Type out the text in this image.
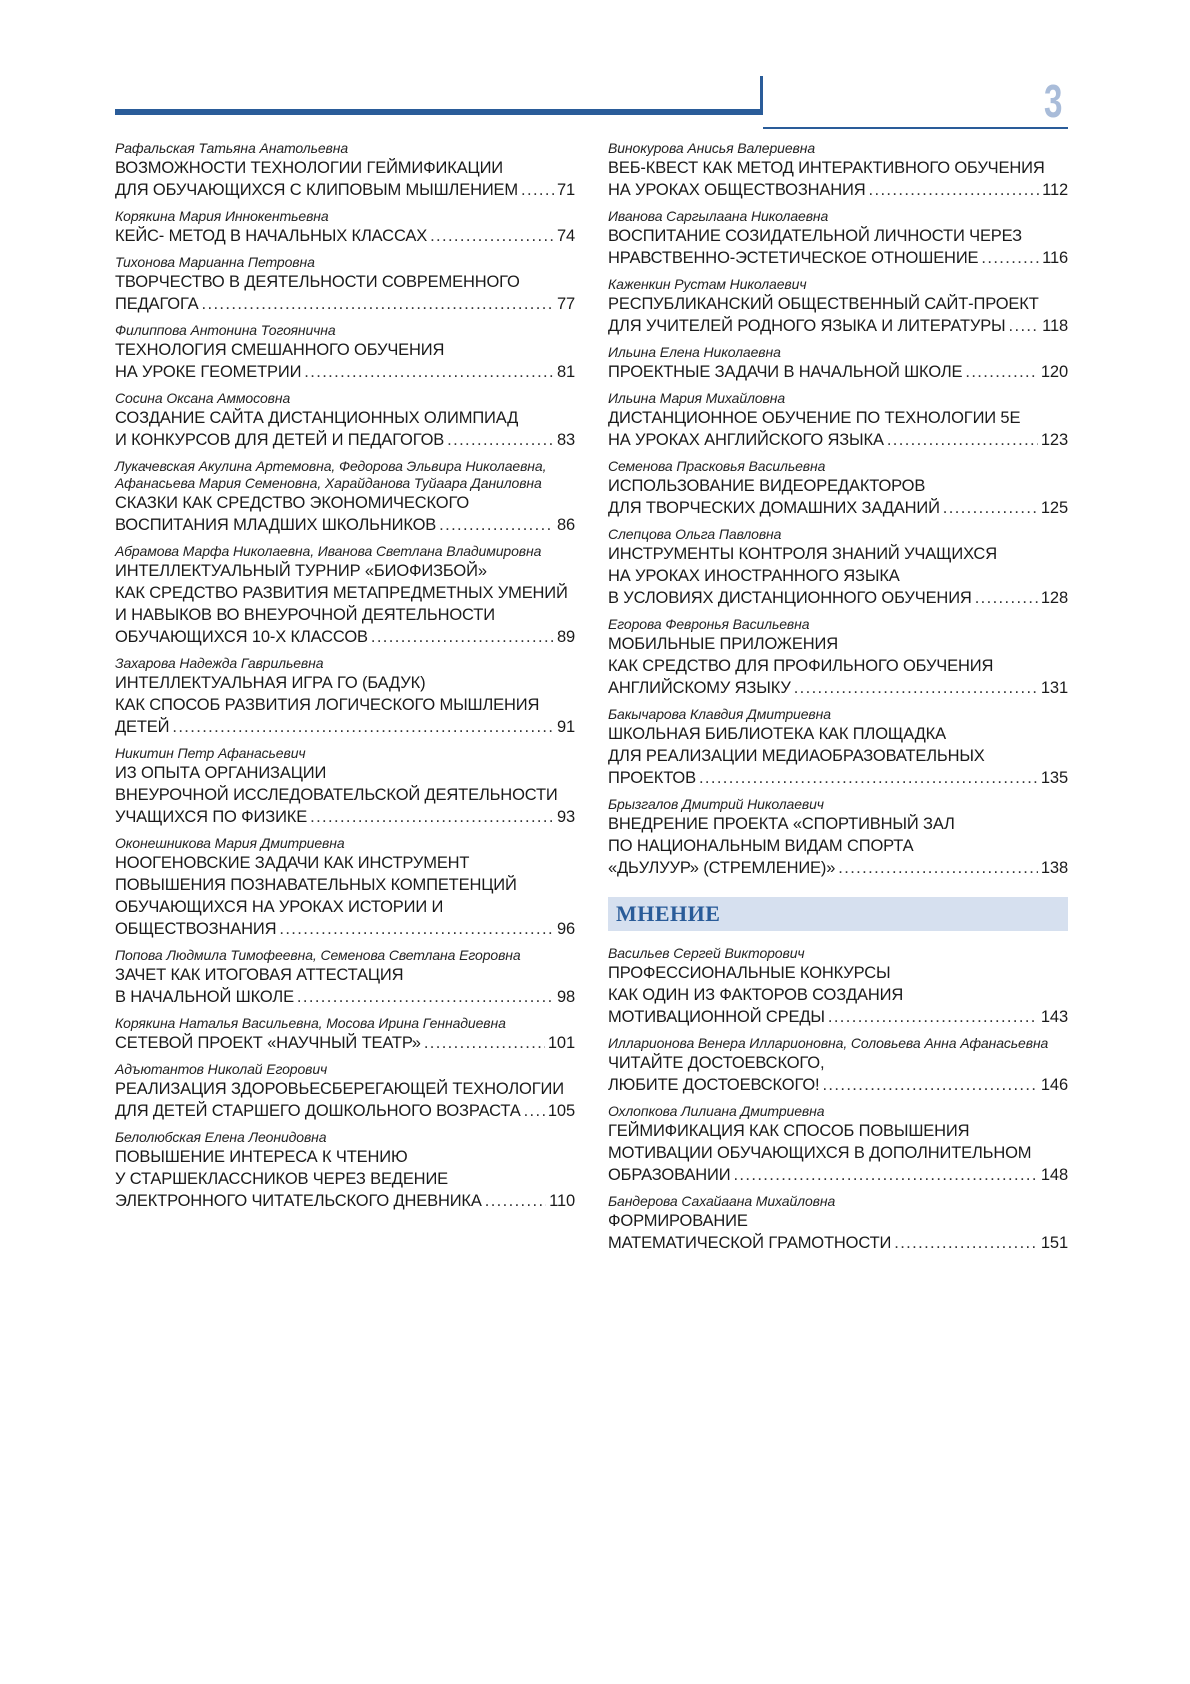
3
Рафальская Татьяна Анатольевна
ВОЗМОЖНОСТИ ТЕХНОЛОГИИ ГЕЙМИФИКАЦИИ
ДЛЯ ОБУЧАЮЩИХСЯ С КЛИПОВЫМ МЫШЛЕНИЕМ . . . 71
Корякина Мария Иннокентьевна
КЕЙС- МЕТОД В НАЧАЛЬНЫХ КЛАССАХ . . .	74
Тихонова Марианна Петровна
ТВОРЧЕСТВО В ДЕЯТЕЛЬНОСТИ СОВРЕМЕННОГО
ПЕДАГОГА . . .	77
Филиппова Антонина Тогоянична
ТЕХНОЛОГИЯ СМЕШАННОГО ОБУЧЕНИЯ
НА УРОКЕ ГЕОМЕТРИИ . . .	81
Сосина Оксана Аммосовна
СОЗДАНИЕ САЙТА ДИСТАНЦИОННЫХ ОЛИМПИАД
И КОНКУРСОВ ДЛЯ ДЕТЕЙ И ПЕДАГОГОВ . . .	83
Лукачевская Акулина Артемовна, Федорова Эльвира Николаевна, Афанасьева Мария Семеновна, Харайданова Туйаара Даниловна
СКАЗКИ КАК СРЕДСТВО ЭКОНОМИЧЕСКОГО
ВОСПИТАНИЯ МЛАДШИХ ШКОЛЬНИКОВ . . .	86
Абрамова Марфа Николаевна, Иванова Светлана Владимировна
ИНТЕЛЛЕКТУАЛЬНЫЙ ТУРНИР «БИОФИЗБОЙ»
КАК СРЕДСТВО РАЗВИТИЯ МЕТАПРЕДМЕТНЫХ УМЕНИЙ
И НАВЫКОВ ВО ВНЕУРОЧНОЙ ДЕЯТЕЛЬНОСТИ
ОБУЧАЮЩИХСЯ 10-Х КЛАССОВ . . .	89
Захарова Надежда Гаврильевна
ИНТЕЛЛЕКТУАЛЬНАЯ ИГРА ГО (БАДУК)
КАК СПОСОБ РАЗВИТИЯ ЛОГИЧЕСКОГО МЫШЛЕНИЯ
ДЕТЕЙ . . .	91
Никитин Петр Афанасьевич
ИЗ ОПЫТА ОРГАНИЗАЦИИ
ВНЕУРОЧНОЙ ИССЛЕДОВАТЕЛЬСКОЙ ДЕЯТЕЛЬНОСТИ
УЧАЩИХСЯ ПО ФИЗИКЕ . . .	93
Оконешникова Мария Дмитриевна
НООГЕНОВСКИЕ ЗАДАЧИ КАК ИНСТРУМЕНТ
ПОВЫШЕНИЯ ПОЗНАВАТЕЛЬНЫХ КОМПЕТЕНЦИЙ
ОБУЧАЮЩИХСЯ НА УРОКАХ ИСТОРИИ И
ОБЩЕСТВОЗНАНИЯ . . .	96
Попова Людмила Тимофеевна, Семенова Светлана Егоровна
ЗАЧЕТ КАК ИТОГОВАЯ АТТЕСТАЦИЯ
В НАЧАЛЬНОЙ ШКОЛЕ . . .	98
Корякина Наталья Васильевна, Мосова Ирина Геннадиевна
СЕТЕВОЙ ПРОЕКТ «НАУЧНЫЙ ТЕАТР» . . .	101
Адъютантов Николай Егорович
РЕАЛИЗАЦИЯ ЗДОРОВЬЕСБЕРЕГАЮЩЕЙ ТЕХНОЛОГИИ
ДЛЯ ДЕТЕЙ СТАРШЕГО ДОШКОЛЬНОГО ВОЗРАСТА . . . 105
Белолюбская Елена Леонидовна
ПОВЫШЕНИЕ ИНТЕРЕСА К ЧТЕНИЮ
У СТАРШЕКЛАССНИКОВ ЧЕРЕЗ ВЕДЕНИЕ
ЭЛЕКТРОННОГО ЧИТАТЕЛЬСКОГО ДНЕВНИКА . . .	110
Винокурова Анисья Валериевна
ВЕБ-КВЕСТ КАК МЕТОД ИНТЕРАКТИВНОГО ОБУЧЕНИЯ
НА УРОКАХ ОБЩЕСТВОЗНАНИЯ . . .	112
Иванова Саргылаана Николаевна
ВОСПИТАНИЕ СОЗИДАТЕЛЬНОЙ ЛИЧНОСТИ ЧЕРЕЗ
НРАВСТВЕННО-ЭСТЕТИЧЕСКОЕ ОТНОШЕНИЕ . . .	116
Каженкин Рустам Николаевич
РЕСПУБЛИКАНСКИЙ ОБЩЕСТВЕННЫЙ САЙТ-ПРОЕКТ
ДЛЯ УЧИТЕЛЕЙ РОДНОГО ЯЗЫКА И ЛИТЕРАТУРЫ . . . 118
Ильина Елена Николаевна
ПРОЕКТНЫЕ ЗАДАЧИ В НАЧАЛЬНОЙ ШКОЛЕ . . .	120
Ильина Мария Михайловна
ДИСТАНЦИОННОЕ ОБУЧЕНИЕ ПО ТЕХНОЛОГИИ 5Е
НА УРОКАХ АНГЛИЙСКОГО ЯЗЫКА . . .	123
Семенова Прасковья Васильевна
ИСПОЛЬЗОВАНИЕ ВИДЕОРЕДАКТОРОВ
ДЛЯ ТВОРЧЕСКИХ ДОМАШНИХ ЗАДАНИЙ . . .	125
Слепцова Ольга Павловна
ИНСТРУМЕНТЫ КОНТРОЛЯ ЗНАНИЙ УЧАЩИХСЯ
НА УРОКАХ ИНОСТРАННОГО ЯЗЫКА
В УСЛОВИЯХ ДИСТАНЦИОННОГО ОБУЧЕНИЯ . . .	128
Егорова Февронья Васильевна
МОБИЛЬНЫЕ ПРИЛОЖЕНИЯ
КАК СРЕДСТВО ДЛЯ ПРОФИЛЬНОГО ОБУЧЕНИЯ
АНГЛИЙСКОМУ ЯЗЫКУ . . .	131
Бакычарова Клавдия Дмитриевна
ШКОЛЬНАЯ БИБЛИОТЕКА КАК ПЛОЩАДКА
ДЛЯ РЕАЛИЗАЦИИ МЕДИАОБРАЗОВАТЕЛЬНЫХ
ПРОЕКТОВ . . .	135
Брызгалов Дмитрий Николаевич
ВНЕДРЕНИЕ ПРОЕКТА «СПОРТИВНЫЙ ЗАЛ
ПО НАЦИОНАЛЬНЫМ ВИДАМ СПОРТА
«ДЬУЛУУР» (СТРЕМЛЕНИЕ)» . . .	138
МНЕНИЕ
Васильев Сергей Викторович
ПРОФЕССИОНАЛЬНЫЕ КОНКУРСЫ
КАК ОДИН ИЗ ФАКТОРОВ СОЗДАНИЯ
МОТИВАЦИОННОЙ СРЕДЫ . . .	143
Илларионова Венера Илларионовна, Соловьева Анна Афанасьевна
ЧИТАЙТЕ ДОСТОЕВСКОГО,
ЛЮБИТЕ ДОСТОЕВСКОГО! . . .	146
Охлопкова Лилиана Дмитриевна
ГЕЙМИФИКАЦИЯ КАК СПОСОБ ПОВЫШЕНИЯ
МОТИВАЦИИ ОБУЧАЮЩИХСЯ В ДОПОЛНИТЕЛЬНОМ
ОБРАЗОВАНИИ . . .	148
Бандерова Сахайаана Михайловна
ФОРМИРОВАНИЕ
МАТЕМАТИЧЕСКОЙ ГРАМОТНОСТИ . . .	151
